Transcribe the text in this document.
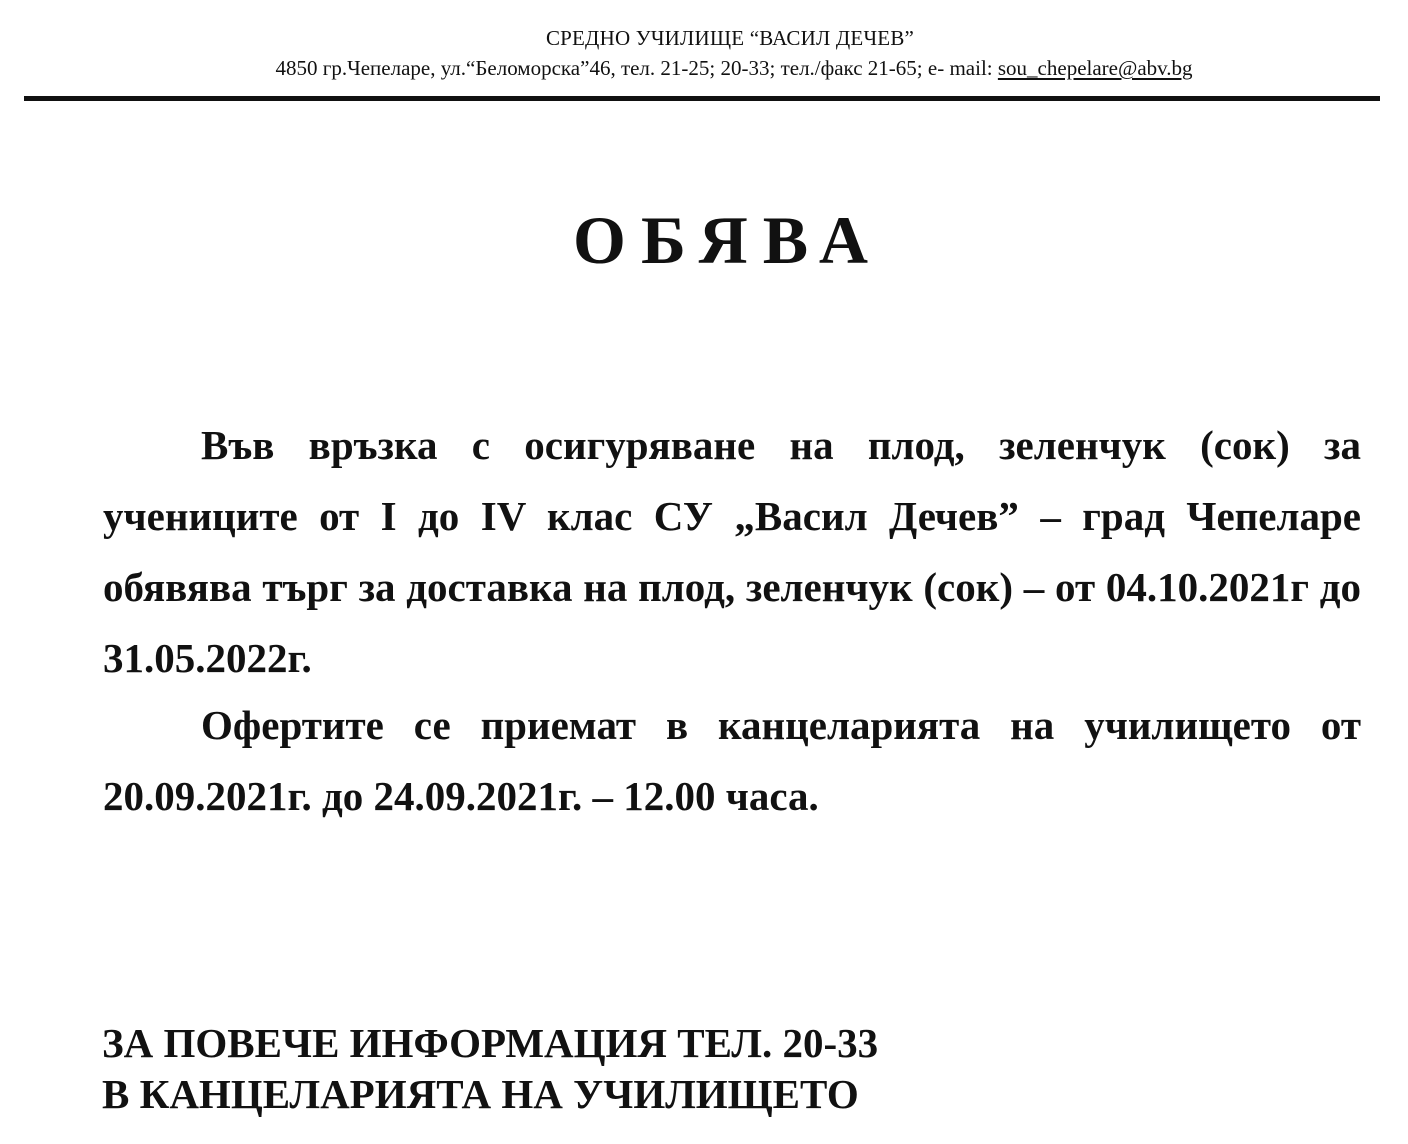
СРЕДНО УЧИЛИЩЕ “ВАСИЛ ДЕЧЕВ”
4850 гр.Чепеларе, ул.“Беломорска”46, тел. 21-25; 20-33; тел./факс 21-65; е- mail: sou_chepelare@abv.bg
ОБЯВА

Във връзка с осигуряване на плод, зеленчук (сок) за учениците от I до IV клас СУ „Васил Дечев” – град Чепеларе обявява търг за доставка на плод, зеленчук (сок) – от 04.10.2021г до 31.05.2022г.

Офертите се приемат в канцеларията на училището от 20.09.2021г. до 24.09.2021г. – 12.00 часа.

ЗА ПОВЕЧЕ ИНФОРМАЦИЯ ТЕЛ. 20-33
В КАНЦЕЛАРИЯТА НА УЧИЛИЩЕТО
